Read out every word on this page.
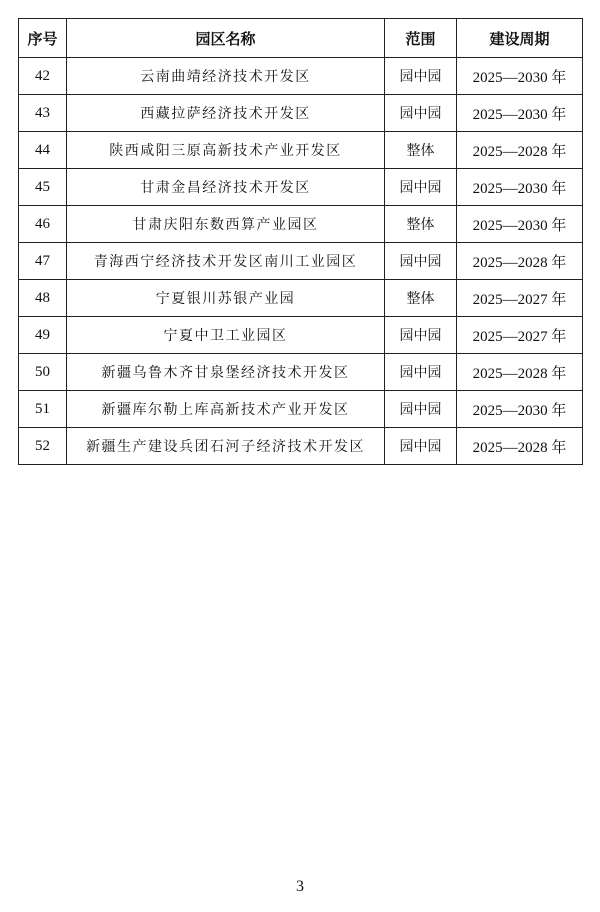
序号	园区名称	范围	建设周期
42	云南曲靖经济技术开发区	园中园	2025—2030 年
43	西藏拉萨经济技术开发区	园中园	2025—2030 年
44	陕西咸阳三原高新技术产业开发区	整体	2025—2028 年
45	甘肃金昌经济技术开发区	园中园	2025—2030 年
46	甘肃庆阳东数西算产业园区	整体	2025—2030 年
47	青海西宁经济技术开发区南川工业园区	园中园	2025—2028 年
48	宁夏银川苏银产业园	整体	2025—2027 年
49	宁夏中卫工业园区	园中园	2025—2027 年
50	新疆乌鲁木齐甘泉堡经济技术开发区	园中园	2025—2028 年
51	新疆库尔勒上库高新技术产业开发区	园中园	2025—2030 年
52	新疆生产建设兵团石河子经济技术开发区	园中园	2025—2028 年
3
